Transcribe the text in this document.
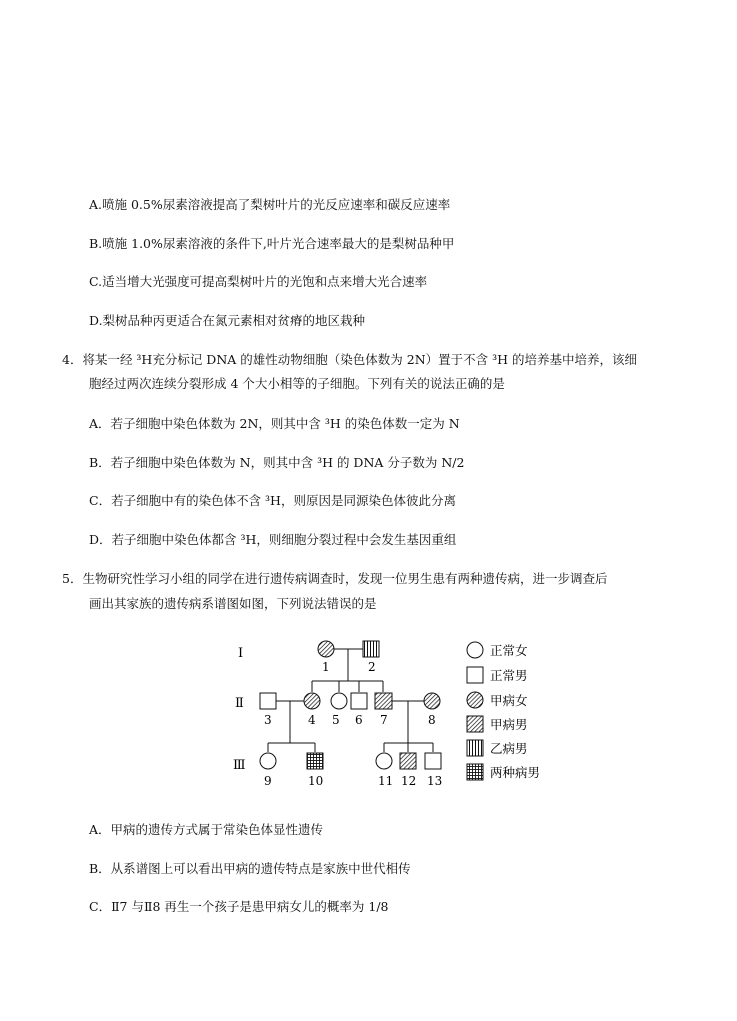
A.喷施 0.5%尿素溶液提高了梨树叶片的光反应速率和碳反应速率
B.喷施 1.0%尿素溶液的条件下,叶片光合速率最大的是梨树品种甲
C.适当增大光强度可提高梨树叶片的光饱和点来增大光合速率
D.梨树品种丙更适合在氮元素相对贫瘠的地区栽种
4．将某一经 ³H充分标记 DNA 的雄性动物细胞（染色体数为 2N）置于不含 ³H 的培养基中培养，该细
胞经过两次连续分裂形成 4 个大小相等的子细胞。下列有关的说法正确的是
A．若子细胞中染色体数为 2N，则其中含 ³H 的染色体数一定为 N
B．若子细胞中染色体数为 N，则其中含 ³H 的 DNA 分子数为 N/2
C．若子细胞中有的染色体不含 ³H，则原因是同源染色体彼此分离
D．若子细胞中染色体都含 ³H，则细胞分裂过程中会发生基因重组
5．生物研究性学习小组的同学在进行遗传病调查时，发现一位男生患有两种遗传病，进一步调查后
画出其家族的遗传病系谱图如图，下列说法错误的是
Ⅰ
Ⅱ
Ⅲ
1	2
3	4 5 6 7	8
9	10	11 12 13
正常女
正常男
甲病女
甲病男
乙病男
两种病男
A．甲病的遗传方式属于常染色体显性遗传
B．从系谱图上可以看出甲病的遗传特点是家族中世代相传
C．Ⅱ7 与Ⅱ8 再生一个孩子是患甲病女儿的概率为 1/8
